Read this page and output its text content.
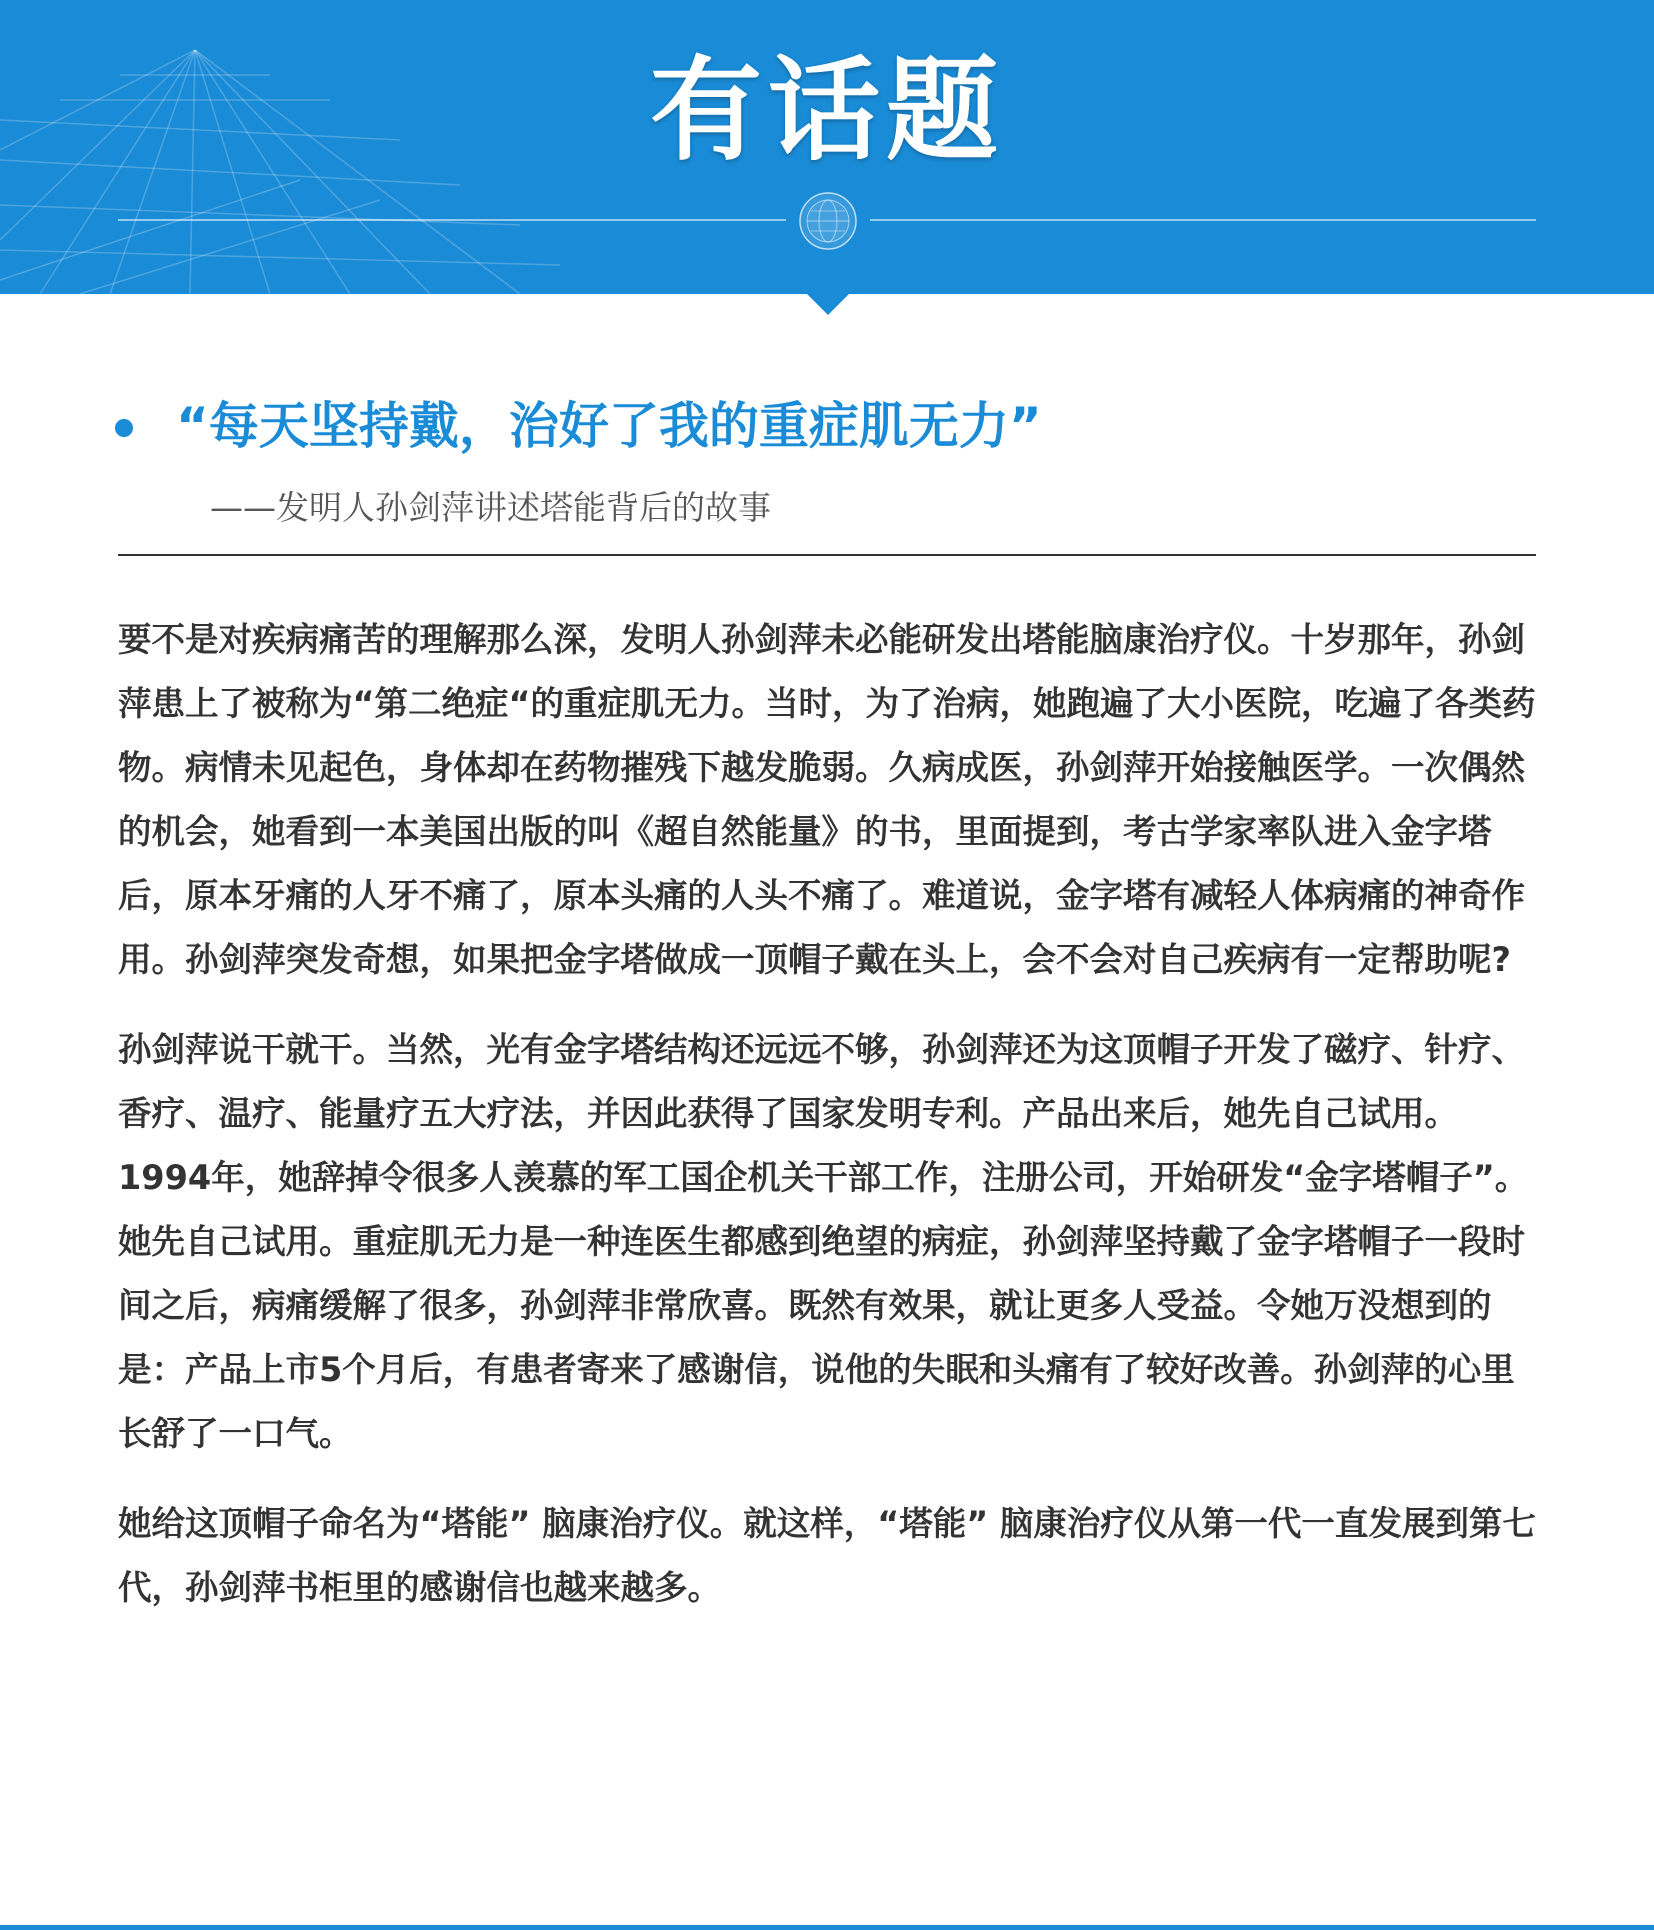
有话题
“每天坚持戴，治好了我的重症肌无力”
——发明人孙剑萍讲述塔能背后的故事

要不是对疾病痛苦的理解那么深，发明人孙剑萍未必能研发出塔能脑康治疗仪。十岁那年，孙剑萍患上了被称为“第二绝症“的重症肌无力。当时，为了治病，她跑遍了大小医院，吃遍了各类药物。病情未见起色，身体却在药物摧残下越发脆弱。久病成医，孙剑萍开始接触医学。一次偶然的机会，她看到一本美国出版的叫《超自然能量》的书，里面提到，考古学家率队进入金字塔后，原本牙痛的人牙不痛了，原本头痛的人头不痛了。难道说，金字塔有减轻人体病痛的神奇作用。孙剑萍突发奇想，如果把金字塔做成一顶帽子戴在头上，会不会对自己疾病有一定帮助呢?

孙剑萍说干就干。当然，光有金字塔结构还远远不够，孙剑萍还为这顶帽子开发了磁疗、针疗、香疗、温疗、能量疗五大疗法，并因此获得了国家发明专利。产品出来后，她先自己试用。1994年，她辞掉令很多人羡慕的军工国企机关干部工作，注册公司，开始研发“金字塔帽子”。她先自己试用。重症肌无力是一种连医生都感到绝望的病症，孙剑萍坚持戴了金字塔帽子一段时间之后，病痛缓解了很多，孙剑萍非常欣喜。既然有效果，就让更多人受益。令她万没想到的是：产品上市5个月后，有患者寄来了感谢信，说他的失眠和头痛有了较好改善。孙剑萍的心里长舒了一口气。

她给这顶帽子命名为“塔能” 脑康治疗仪。就这样，“塔能” 脑康治疗仪从第一代一直发展到第七代，孙剑萍书柜里的感谢信也越来越多。
